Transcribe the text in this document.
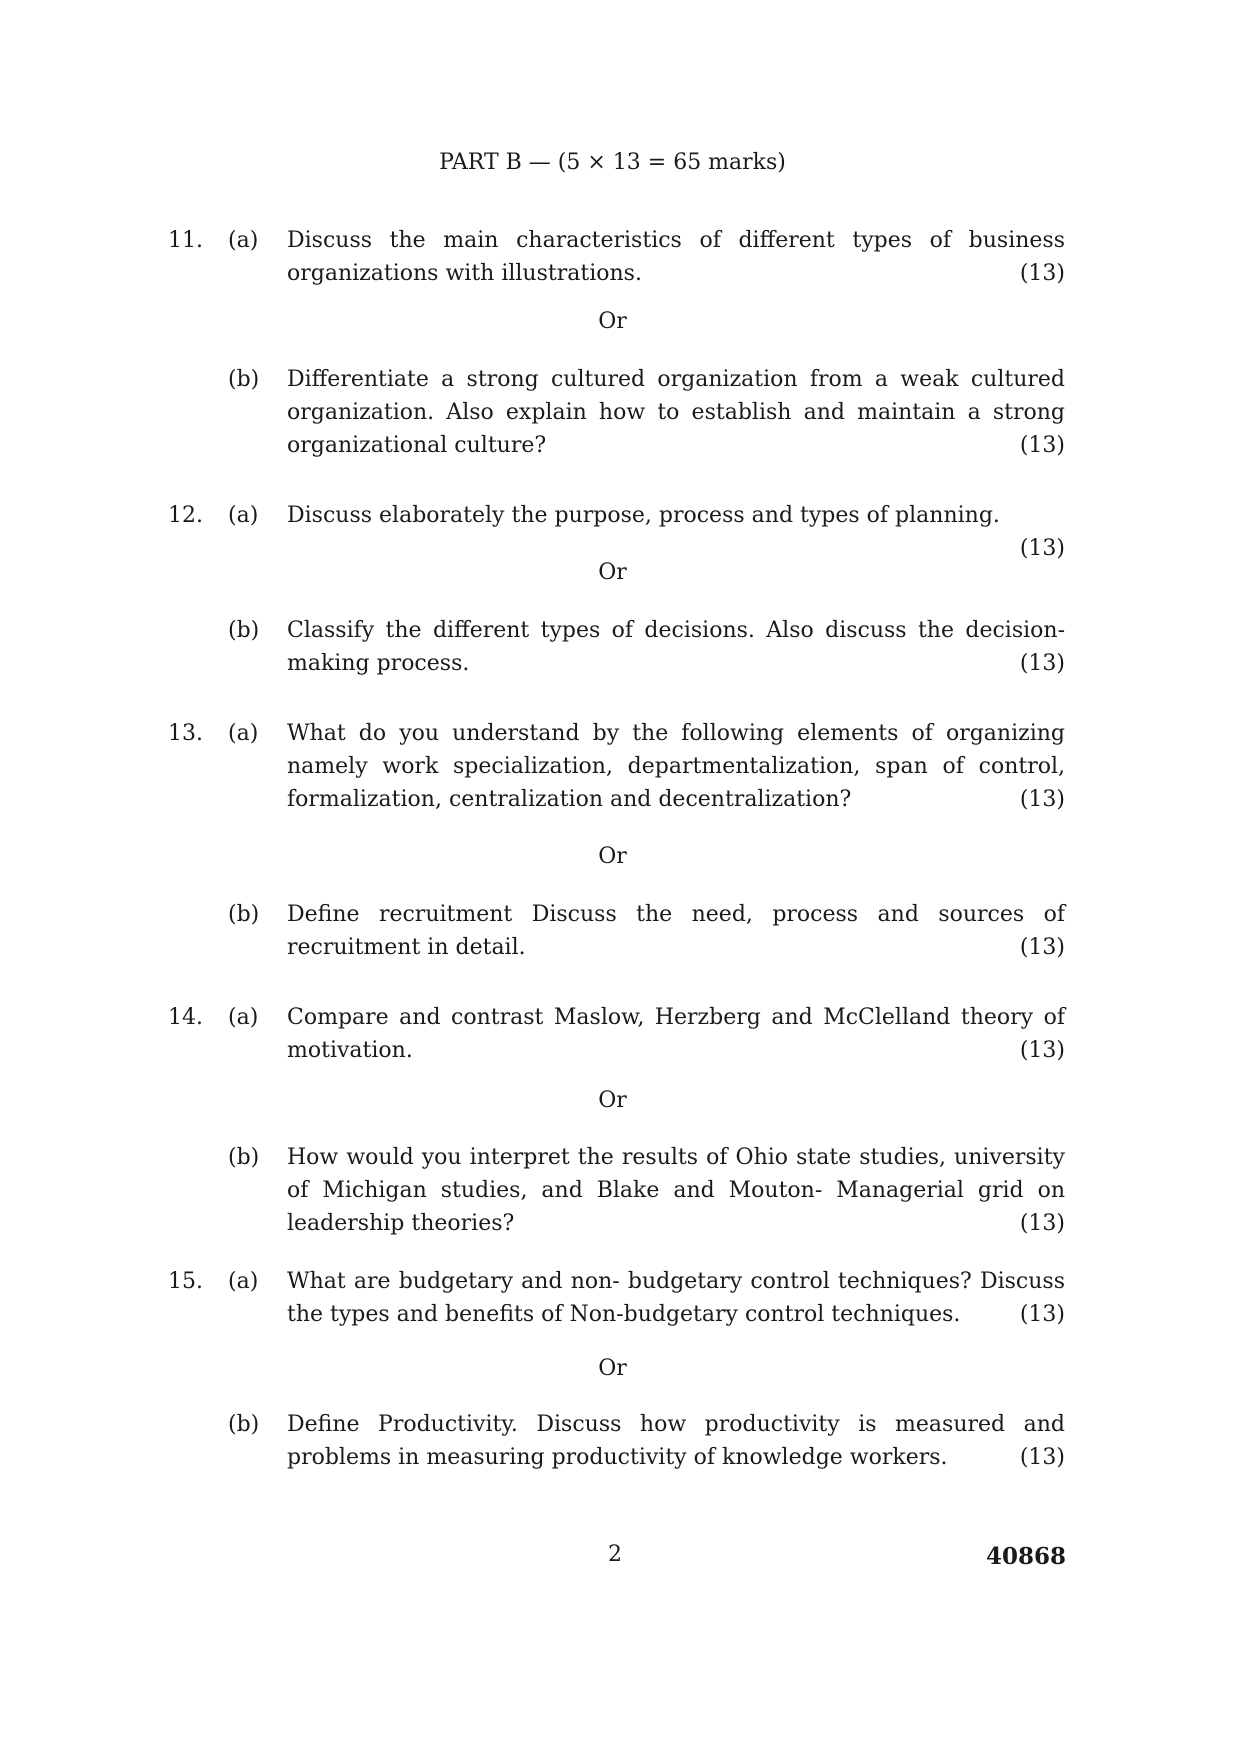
PART B — (5 × 13 = 65 marks)
11. (a) Discuss the main characteristics of different types of business organizations with illustrations.	(13)
Or
(b) Differentiate a strong cultured organization from a weak cultured organization. Also explain how to establish and maintain a strong organizational culture?	(13)
12. (a) Discuss elaborately the purpose, process and types of planning.
(13)
Or
(b) Classify the different types of decisions. Also discuss the decision-making process.	(13)
13. (a) What do you understand by the following elements of organizing namely work specialization, departmentalization, span of control, formalization, centralization and decentralization?	(13)
Or
(b) Define recruitment Discuss the need, process and sources of recruitment in detail.	(13)
14. (a) Compare and contrast Maslow, Herzberg and McClelland theory of motivation.	(13)
Or
(b) How would you interpret the results of Ohio state studies, university of Michigan studies, and Blake and Mouton- Managerial grid on leadership theories?	(13)
15. (a) What are budgetary and non- budgetary control techniques? Discuss the types and benefits of Non-budgetary control techniques.	(13)
Or
(b) Define Productivity. Discuss how productivity is measured and problems in measuring productivity of knowledge workers.	(13)
2	40868
